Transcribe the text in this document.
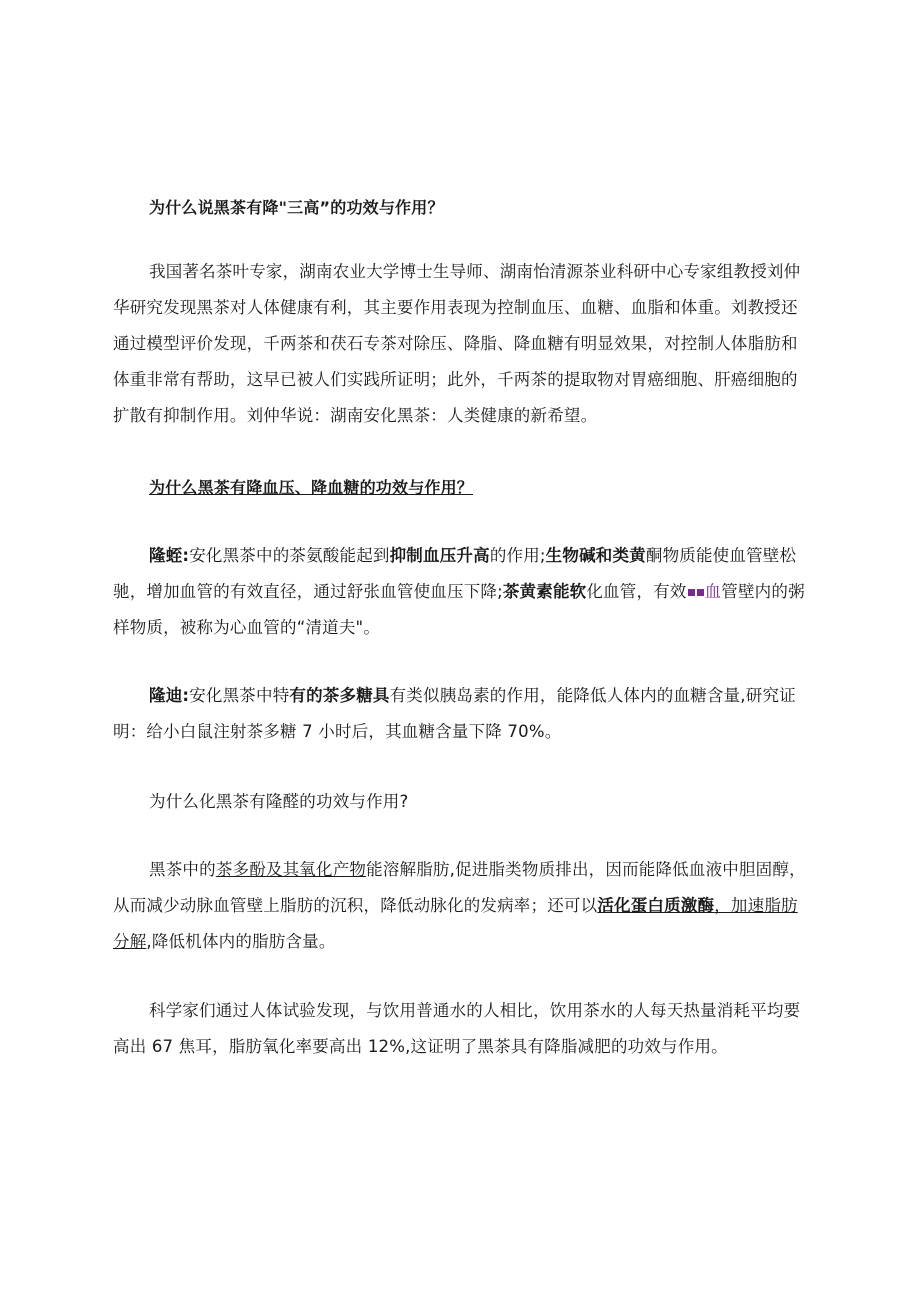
为什么说黑茶有降"三高”的功效与作用？
我国著名茶叶专家，湖南农业大学博士生导师、湖南怡清源茶业科研中心专家组教授刘仲华研究发现黑茶对人体健康有利，其主要作用表现为控制血压、血糖、血脂和体重。刘教授还通过模型评价发现，千两茶和茯石专茶对除压、降脂、降血糖有明显效果，对控制人体脂肪和体重非常有帮助，这早已被人们实践所证明；此外，千两茶的提取物对胃癌细胞、肝癌细胞的扩散有抑制作用。刘仲华说：湖南安化黑茶：人类健康的新希望。
为什么黑茶有降血压、降血糖的功效与作用？
隆蛭:安化黑茶中的茶氨酸能起到抑制血压升高的作用;生物碱和类黄酮物质能使血管壁松驰，增加血管的有效直径，通过舒张血管使血压下降;茶黄素能软化血管，有效 血管壁内的粥样物质，被称为心血管的“清道夫"。
隆迪:安化黑茶中特有的茶多糖具有类似胰岛素的作用，能降低人体内的血糖含量,研究证明：给小白鼠注射茶多糖 7 小时后，其血糖含量下降 70%。
为什么化黑茶有隆醛的功效与作用?
黑茶中的茶多酚及其氧化产物能溶解脂肪,促进脂类物质排出，因而能降低血液中胆固醇，从而减少动脉血管壁上脂肪的沉积，降低动脉化的发病率；还可以活化蛋白质激酶，加速脂肪分解,降低机体内的脂肪含量。
科学家们通过人体试验发现，与饮用普通水的人相比，饮用茶水的人每天热量消耗平均要高出 67 焦耳，脂肪氧化率要高出 12%,这证明了黑茶具有降脂减肥的功效与作用。
